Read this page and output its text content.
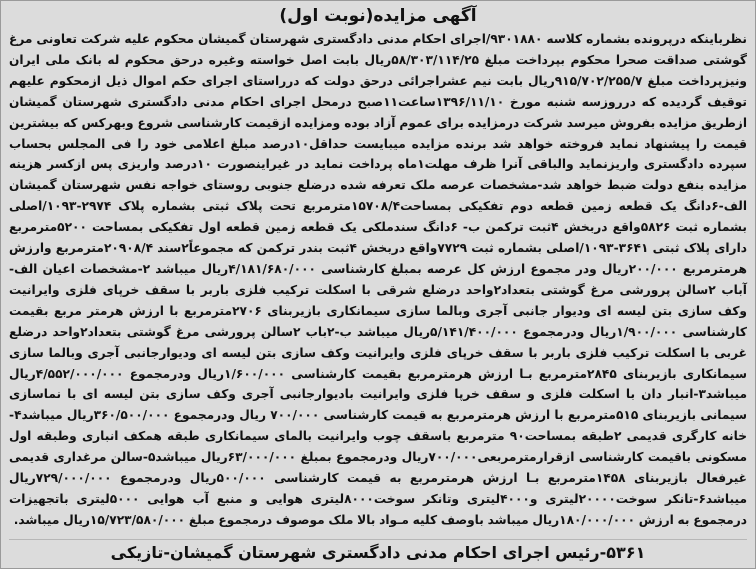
آگهی مزایده(نوبت اول)

نظرباینکه درپرونده بشماره کلاسه ۹۳۰۱۸۸۰/اجرای احکام مدنی دادگستری شهرستان گمیشان محکوم علیه شرکت تعاونی مرغ گوشتی صداقت صحرا محکوم بپرداخت مبلغ ۵۸/۳۰۳/۱۱۴/۲۵ریال بابت اصل خواسته وغیره درحق محکوم له بانک ملی ایران ونیزپرداخت مبلغ ۹۱۵/۷۰۲/۲۵۵/۷ریال بابت نیم عشراجرائی درحق دولت که درراستای اجرای حکم اموال ذیل ازمحکوم علیهم توقیف گردیده که درروزسه شنبه مورخ ۱۳۹۶/۱۱/۱۰ساعت۱۱صبح درمحل اجرای احکام مدنی دادگستری شهرستان گمیشان ازطریق مزایده بفروش میرسد شرکت درمزایده برای عموم آزاد بوده ومزایده ازقیمت کارشناسی شروع وبهرکس که بیشترین قیمت را پیشنهاد نماید فروخته خواهد شد برنده مزایده میبایست حداقل۱۰درصد مبلغ اعلامی خود را فی المجلس بحساب سپرده دادگستری واریزنماید والباقی آنرا ظرف مهلت۱ماه پرداخت نماید در غیراینصورت ۱۰درصد واریزی پس ازکسر هزینه مزایده بنفع دولت ضبط خواهد شد-مشخصات عرصه ملک تعرفه شده درضلع جنوبی روستای خواجه نفس شهرستان گمیشان الف-۶دانگ یک قطعه زمین قطعه دوم تفکیکی بمساحت۱۵۷۰۸/۴مترمربع تحت پلاک ثبتی بشماره پلاک ۲۹۷۴-۱۰۹۳/اصلی بشماره ثبت ۵۸۲۶واقع دربخش ۴ثبت ترکمن ب- ۶دانگ سندملکی یک قطعه زمین قطعه اول تفکیکی بمساحت ۵۲۰۰مترمربع دارای پلاک ثبتی ۳۶۴۱-۱۰۹۳/اصلی بشماره ثبت ۷۷۲۹واقع دربخش ۴ثبت بندر ترکمن که مجموعاً۲سند ۲۰۹۰۸/۴مترمربع وارزش هرمترمربع ۲۰۰/۰۰۰ریال ودر مجموع ارزش کل عرصه بمبلغ کارشناسی ۴/۱۸۱/۶۸۰/۰۰۰ریال میباشد ۲-مشخصات اعیان الف-آباب ۲سالن پرورشی مرغ گوشتی بتعداد۲واحد درضلع شرقی با اسکلت ترکیب فلزی باربر با سقف خرپای فلزی وایرانیت وکف سازی بتن لیسه ای ودیوار جانبی آجری وبالما سازی سیمانکاری بازیربنای ۲۷۰۶مترمربع با ارزش هرمتر مربع بقیمت کارشناسی ۱/۹۰۰/۰۰۰ریال ودرمجموع ۵/۱۴۱/۴۰۰/۰۰۰ریال میباشد ب-۲باب ۲سالن پرورشی مرغ گوشتی بتعداد۲واحد درضلع غربی با اسکلت ترکیب فلزی باربر با سقف خرپای فلزی وایرانیت وکف سازی بتن لیسه ای ودیوارجانبی آجری وبالما سازی سیمانکاری بازیربنای ۲۸۴۵مترمربع بـا ارزش هرمترمربع بقیمت کارشناسی ۱/۶۰۰/۰۰۰ریال ودرمجموع ۴/۵۵۲/۰۰۰/۰۰۰ریال میباشد۳-انبار دان با اسکلت فلزی و سقف خرپا فلزی وایرانیت بادیوارجانبی آجری وکف سازی بتن لیسه ای با نماسازی سیمانی بازیربنای ۵۱۵مترمربع با ارزش هرمترمربع به قیمت کارشناسی ۷۰۰/۰۰۰ ریال ودرمجموع ۳۶۰/۵۰۰/۰۰۰ریال میباشد۴-خانه کارگری قدیمی ۲طبقه بمساحت۹۰ مترمربع باسقف چوب وایرانیت بالمای سیمانکاری طبقه همکف انباری وطبقه اول مسکونی باقیمت کارشناسی ازقرارمترمربعی۷۰۰/۰۰۰ریال ودرمجموع بمبلغ ۶۳/۰۰۰/۰۰۰ریال میباشد۵-سالن مرغداری قدیمی غیرفعال بازیربنای ۱۴۵۸مترمربع بـا ارزش هرمترمربع به قیمت کارشناسی ۵۰۰/۰۰۰ریال ودرمجموع ۷۲۹/۰۰۰/۰۰۰ریال میباشد۶-تانکر سوخت۲۰۰۰۰لیتری و۴۰۰۰لیتری وتانکر سوخت۸۰۰۰لیتری هوایی و منبع آب هوایی ۵۰۰۰لیتری باتجهیزات درمجموع به ارزش ۱۸۰/۰۰۰/۰۰۰ریال میباشد باوصف کلیه مـواد بالا ملک موصوف درمجموع مبلغ ۱۵/۷۲۳/۵۸۰/۰۰۰ریال میباشد.

۵۳۶۱-رئیس اجرای احکام مدنی دادگستری شهرستان گمیشان-تازیکی
